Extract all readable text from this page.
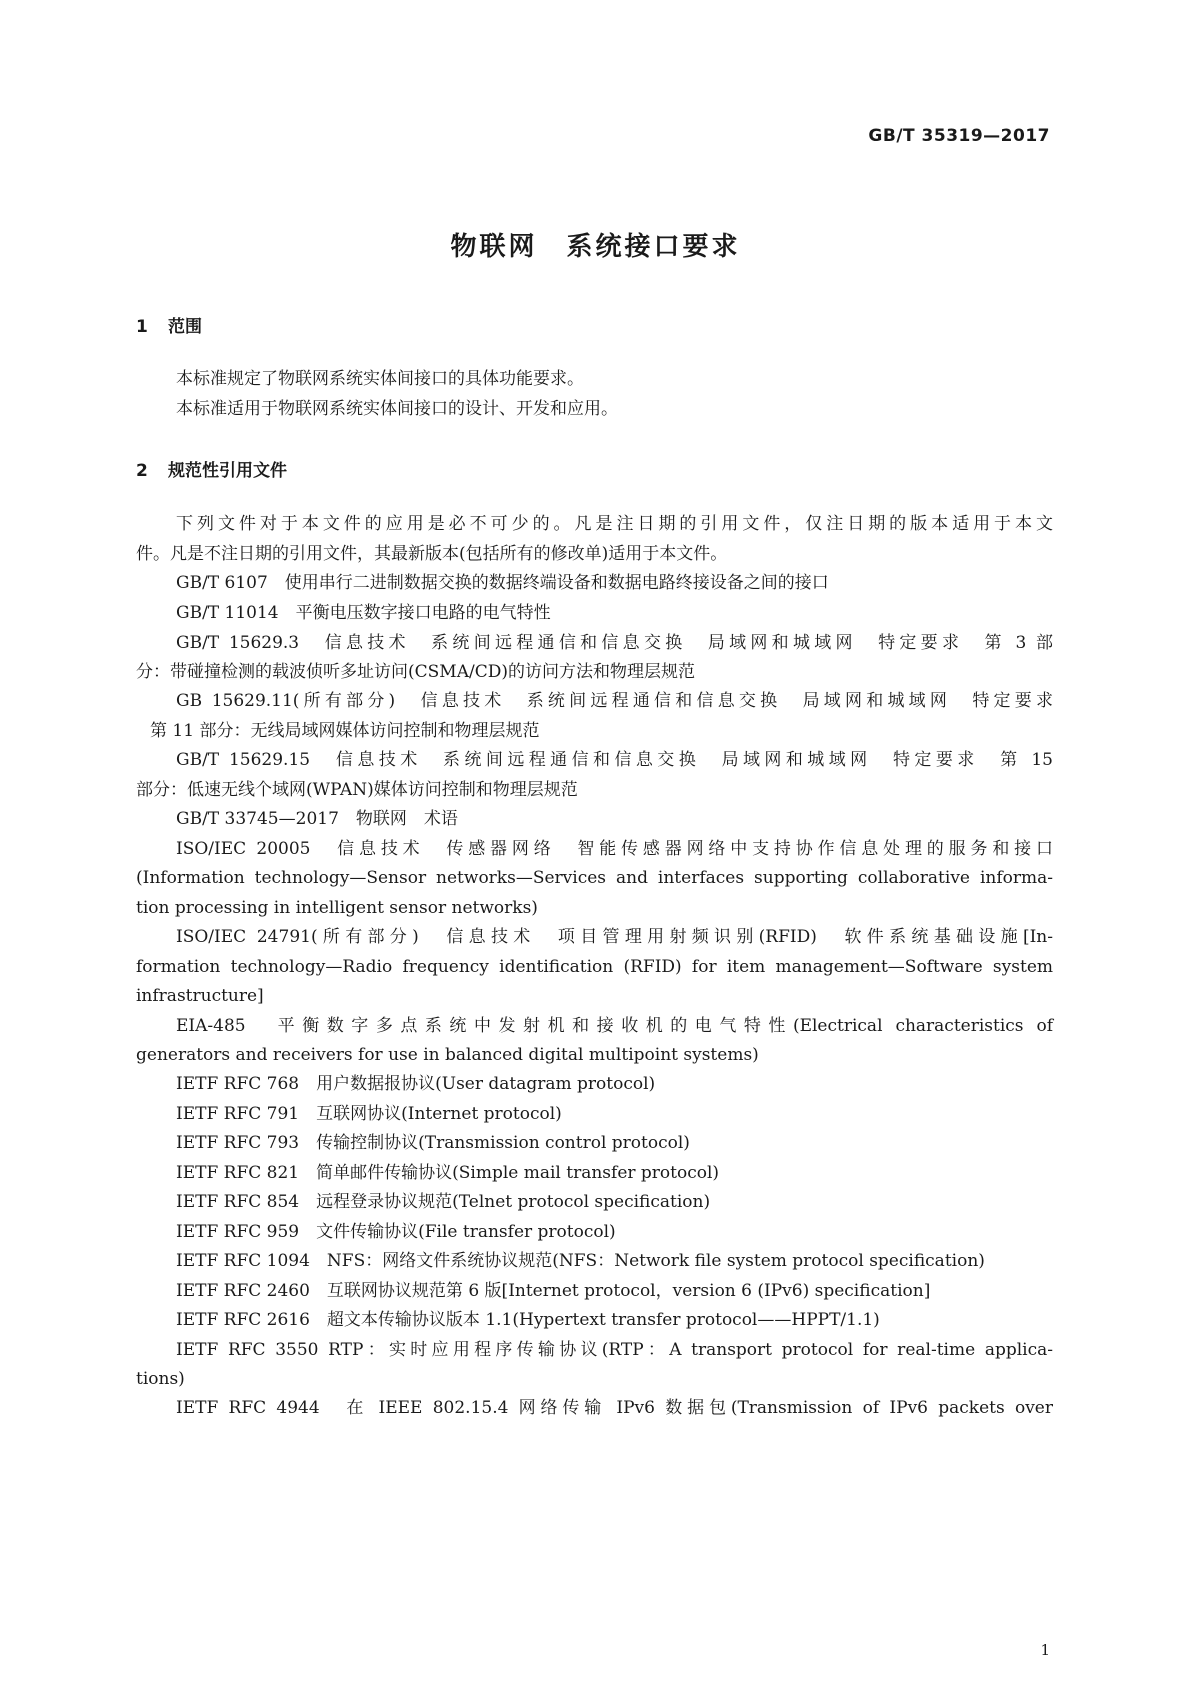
GB/T 35319—2017
物联网　系统接口要求
1 范围
本标准规定了物联网系统实体间接口的具体功能要求。
本标准适用于物联网系统实体间接口的设计、开发和应用。
2 规范性引用文件
下列文件对于本文件的应用是必不可少的。凡是注日期的引用文件，仅注日期的版本适用于本文
件。凡是不注日期的引用文件，其最新版本(包括所有的修改单)适用于本文件。
GB/T 6107　使用串行二进制数据交换的数据终端设备和数据电路终接设备之间的接口
GB/T 11014　平衡电压数字接口电路的电气特性
GB/T 15629.3　信息技术　系统间远程通信和信息交换　局域网和城域网　特定要求　第 3 部
分：带碰撞检测的载波侦听多址访问(CSMA/CD)的访问方法和物理层规范
GB 15629.11(所有部分)　信息技术　系统间远程通信和信息交换　局域网和城域网　特定要求
第 11 部分：无线局域网媒体访问控制和物理层规范
GB/T 15629.15　信息技术　系统间远程通信和信息交换　局域网和城域网　特定要求　第 15
部分：低速无线个域网(WPAN)媒体访问控制和物理层规范
GB/T 33745—2017　物联网　术语
ISO/IEC 20005　信息技术　传感器网络　智能传感器网络中支持协作信息处理的服务和接口
(Information technology—Sensor networks—Services and interfaces supporting collaborative informa-
tion processing in intelligent sensor networks)
ISO/IEC 24791(所有部分)　信息技术　项目管理用射频识别(RFID)　软件系统基础设施[In-
formation technology—Radio frequency identification (RFID) for item management—Software system
infrastructure]
EIA-485　平衡数字多点系统中发射机和接收机的电气特性(Electrical characteristics of
generators and receivers for use in balanced digital multipoint systems)
IETF RFC 768　用户数据报协议(User datagram protocol)
IETF RFC 791　互联网协议(Internet protocol)
IETF RFC 793　传输控制协议(Transmission control protocol)
IETF RFC 821　简单邮件传输协议(Simple mail transfer protocol)
IETF RFC 854　远程登录协议规范(Telnet protocol specification)
IETF RFC 959　文件传输协议(File transfer protocol)
IETF RFC 1094　NFS：网络文件系统协议规范(NFS：Network file system protocol specification)
IETF RFC 2460　互联网协议规范第 6 版[Internet protocol，version 6 (IPv6) specification]
IETF RFC 2616　超文本传输协议版本 1.1(Hypertext transfer protocol——HPPT/1.1)
IETF RFC 3550 RTP：实时应用程序传输协议(RTP：A transport protocol for real-time applica-
tions)
IETF RFC 4944　在 IEEE 802.15.4 网络传输 IPv6 数据包(Transmission of IPv6 packets over
1
